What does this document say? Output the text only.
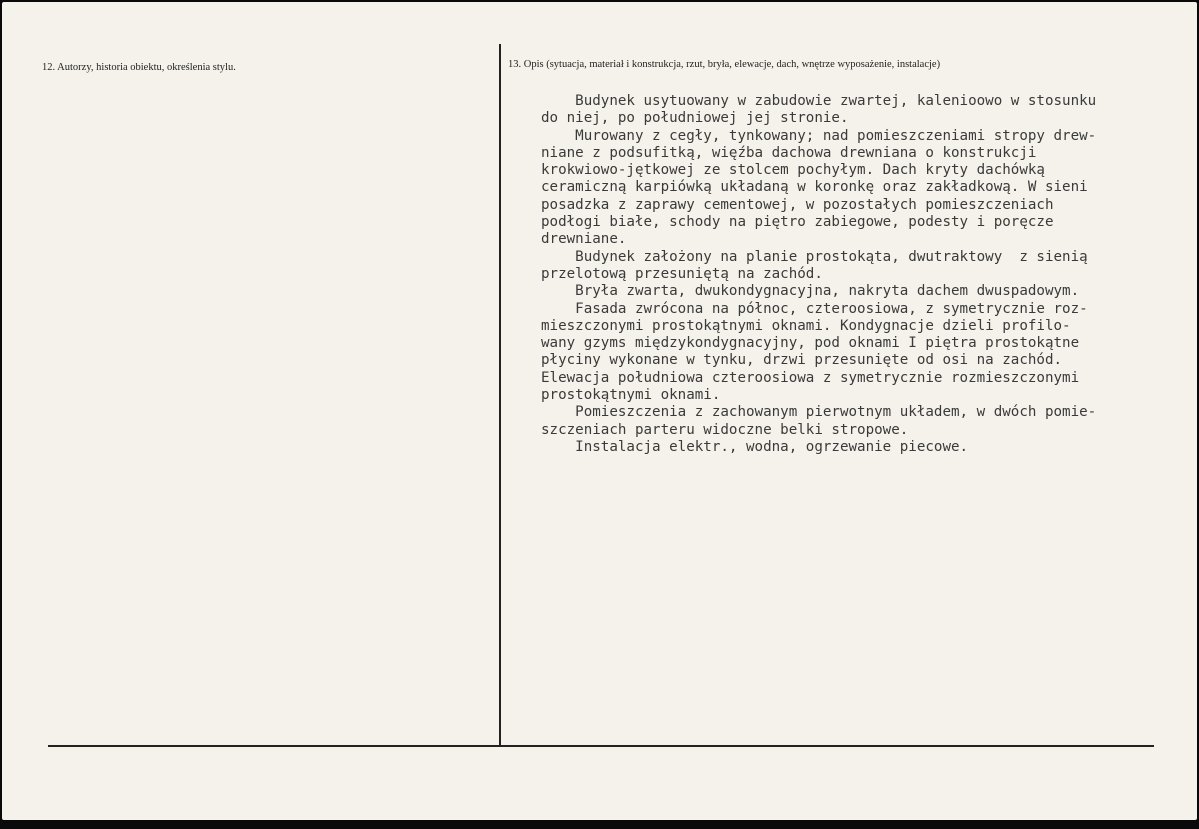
12. Autorzy, historia obiektu, określenia stylu.	13. Opis (sytuacja, materiał i konstrukcja, rzut, bryła, elewacje, dach, wnętrze wyposażenie, instalacje)

Budynek usytuowany w zabudowie zwartej, kalenioowo w stosunku

do niej, po południowej jej stronie.

Murowany z cegły, tynkowany; nad pomieszczeniami stropy drew-

niane z podsufitką, więźba dachowa drewniana o konstrukcji

krokwiowo-jętkowej ze stolcem pochyłym. Dach kryty dachówką

ceramiczną karpiówką układaną w koronkę oraz zakładkową. W sieni

posadzka z zaprawy cementowej, w pozostałych pomieszczeniach

podłogi białe, schody na piętro zabiegowe, podesty i poręcze

drewniane.

Budynek założony na planie prostokąta, dwutraktowy  z sienią

przelotową przesuniętą na zachód.

Bryła zwarta, dwukondygnacyjna, nakryta dachem dwuspadowym.

Fasada zwrócona na północ, czteroosiowa, z symetrycznie roz-

mieszczonymi prostokątnymi oknami. Kondygnacje dzieli profilo-

wany gzyms międzykondygnacyjny, pod oknami I piętra prostokątne

płyciny wykonane w tynku, drzwi przesunięte od osi na zachód.

Elewacja południowa czteroosiowa z symetrycznie rozmieszczonymi

prostokątnymi oknami.

Pomieszczenia z zachowanym pierwotnym układem, w dwóch pomie-

szczeniach parteru widoczne belki stropowe.

Instalacja elektr., wodna, ogrzewanie piecowe.
